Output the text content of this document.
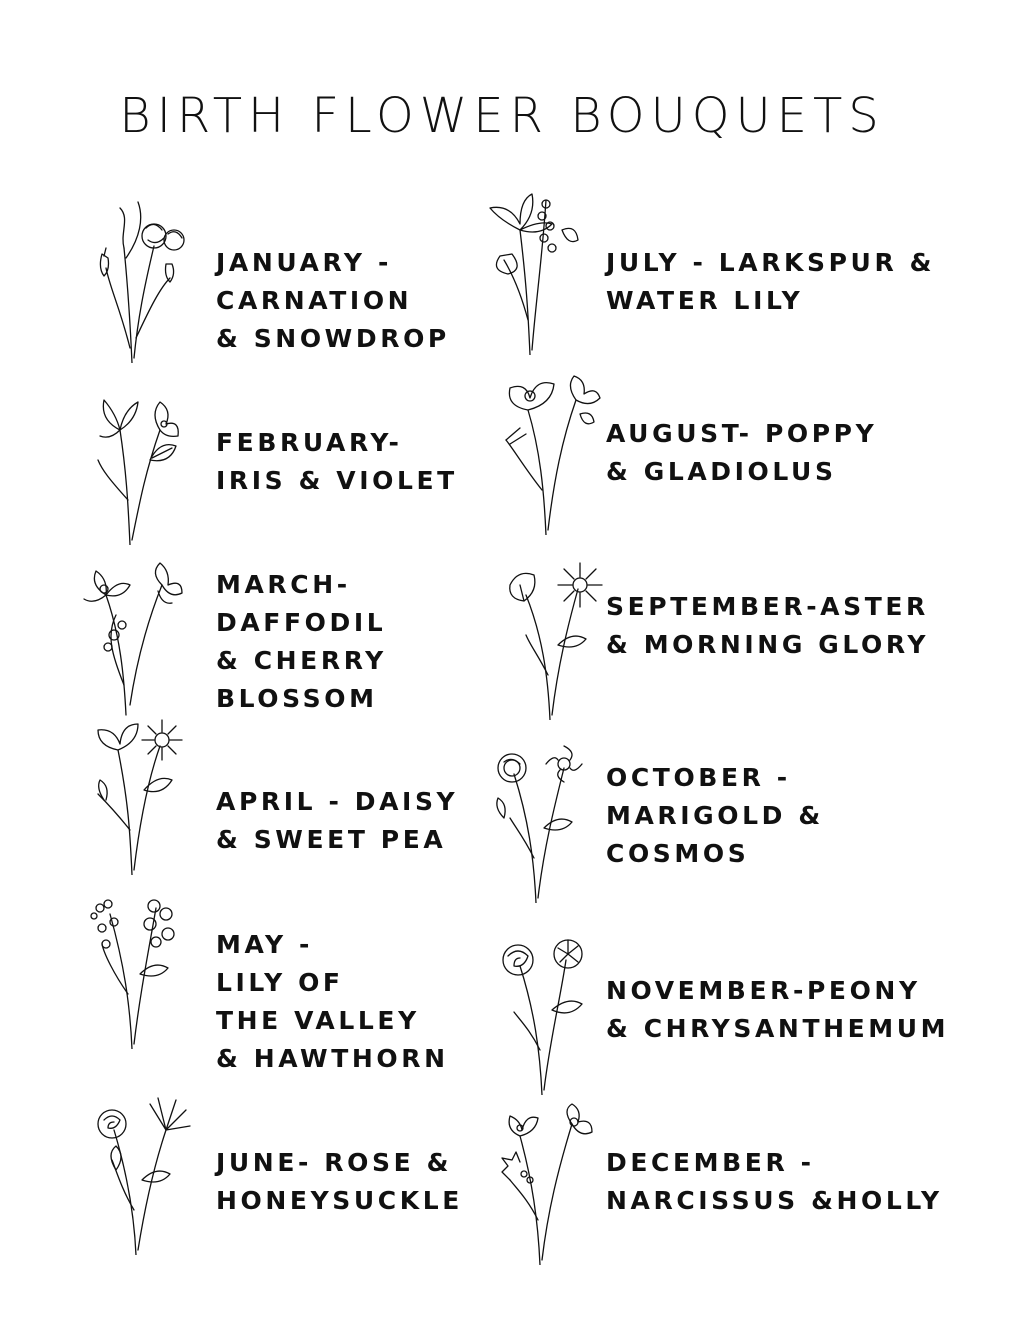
BIRTH FLOWER BOUQUETS
JANUARY -
CARNATION
& SNOWDROP
FEBRUARY-
IRIS & VIOLET
MARCH-
DAFFODIL
& CHERRY
BLOSSOM
APRIL - DAISY
& SWEET PEA
MAY -
LILY OF
THE VALLEY
& HAWTHORN
JUNE- ROSE &
HONEYSUCKLE
JULY - LARKSPUR &
WATER LILY
AUGUST- POPPY
& GLADIOLUS
SEPTEMBER-ASTER
& MORNING GLORY
OCTOBER -
MARIGOLD &
COSMOS
NOVEMBER-PEONY
& CHRYSANTHEMUM
DECEMBER -
NARCISSUS &HOLLY
